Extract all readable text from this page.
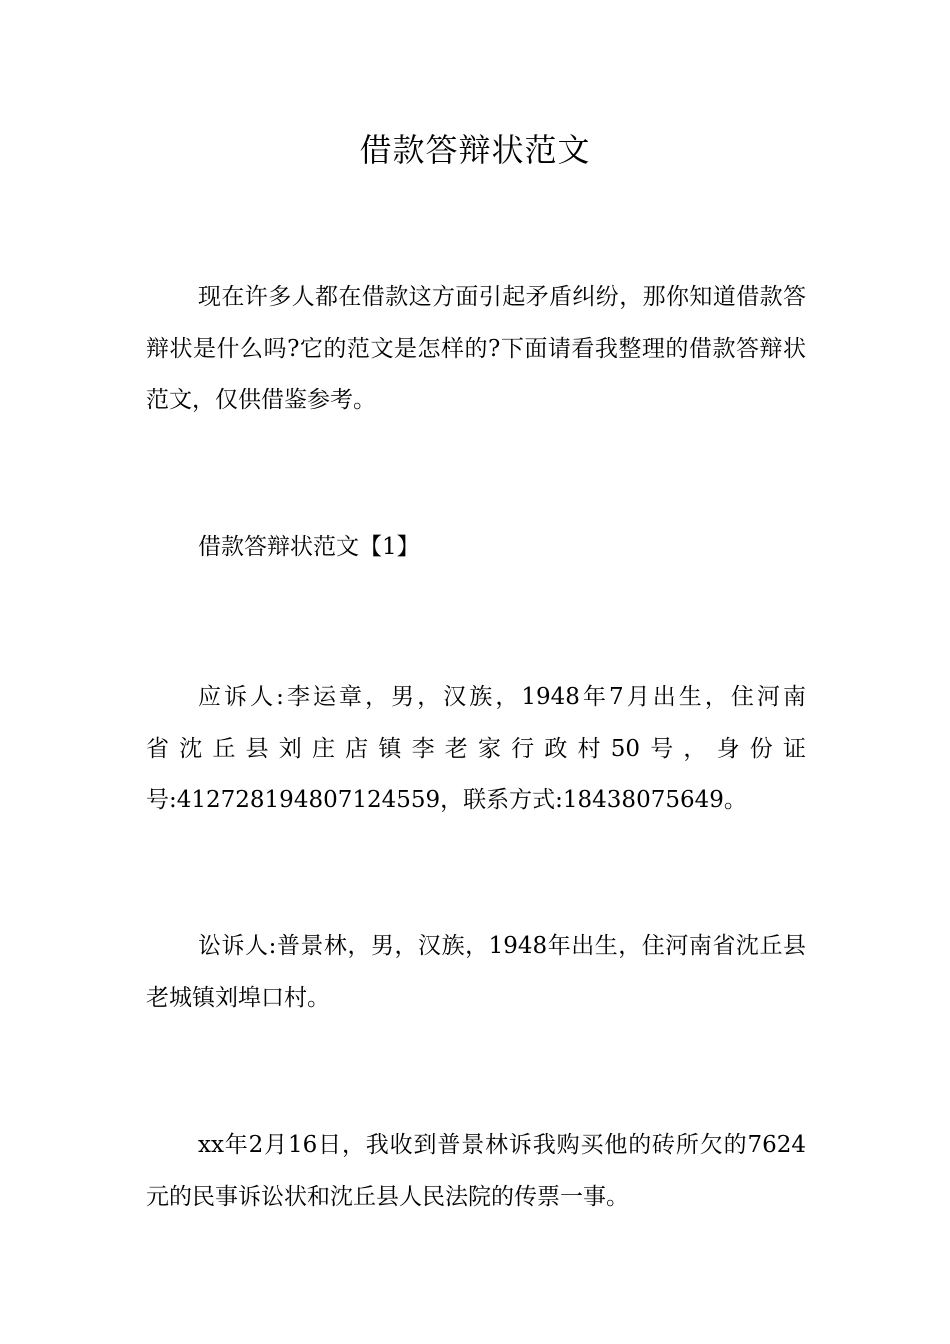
借款答辩状范文

现在许多人都在借款这方面引起矛盾纠纷，那你知道借款答辩状是什么吗?它的范文是怎样的?下面请看我整理的借款答辩状范文，仅供借鉴参考。

借款答辩状范文【1】

应诉人:李运章，男，汉族，1948年7月出生，住河南
省沈丘县刘庄店镇李老家行政村50号，身份证
号:412728194807124559，联系方式:18438075649。

讼诉人:普景林，男，汉族，1948年出生，住河南省沈丘县老城镇刘埠口村。

xx年2月16日，我收到普景林诉我购买他的砖所欠的7624元的民事诉讼状和沈丘县人民法院的传票一事。
